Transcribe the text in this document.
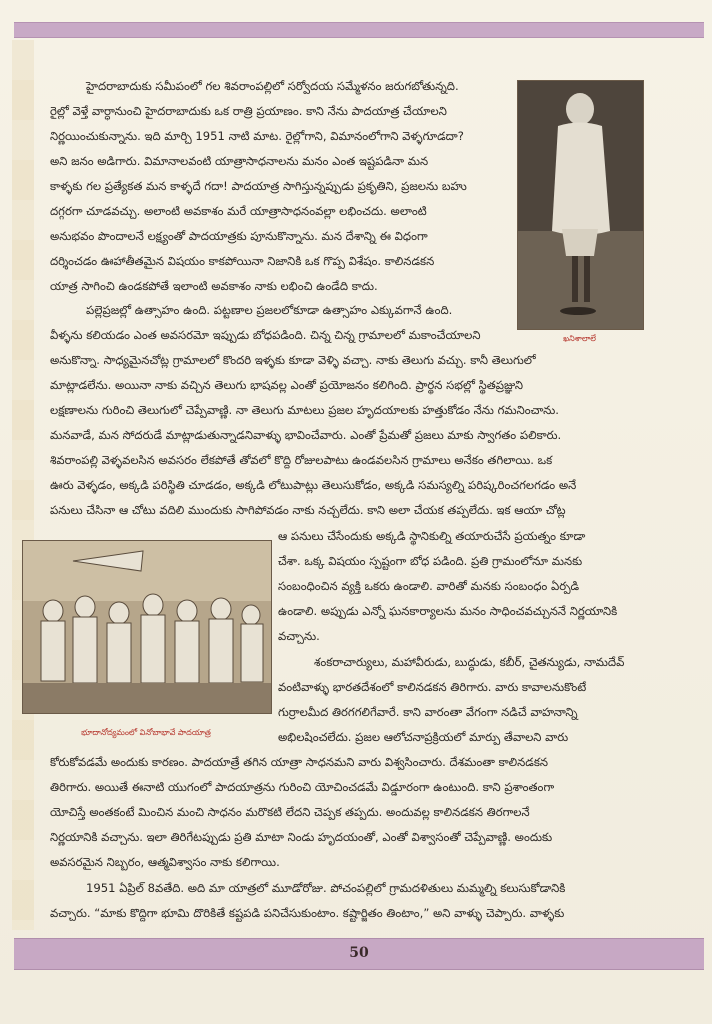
హైదరాబాదుకు సమీపంలో గల శివరాంపల్లిలో సర్వోదయ సమ్మేళనం జరుగబోతున్నది.
రైల్లో వెళ్తే వార్ధానుంచి హైదరాబాదుకు ఒక రాత్రి ప్రయాణం. కాని నేను పాదయాత్ర చేయాలని
నిర్ణయించుకున్నాను. ఇది మార్చి 1951 నాటి మాట. రైల్లోగాని, విమానంలోగాని వెళ్ళగూడదా?
అని జనం అడిగారు. విమానాలవంటి యాత్రాసాధనాలను మనం ఎంత ఇష్టపడినా మన
కాళ్ళకు గల ప్రత్యేకత మన కాళ్ళదే గదా! పాదయాత్ర సాగిస్తున్నప్పుడు ప్రకృతిని, ప్రజలను బహు
దగ్గరగా చూడవచ్చు. అలాంటి అవకాశం మరే యాత్రాసాధనంవల్లా లభించదు. అలాంటి
అనుభవం పొందాలనే లక్ష్యంతో పాదయాత్రకు పూనుకొన్నాను. మన దేశాన్ని ఈ విధంగా
దర్శించడం ఊహాతీతమైన విషయం కాకపోయినా నిజానికి ఒక గొప్ప విశేషం. కాలినడకన
యాత్ర సాగించి ఉండకపోతే ఇలాంటి అవకాశం నాకు లభించి ఉండేది కాదు.
ఖనిశాలాలే
పల్లెప్రజల్లో ఉత్సాహం ఉంది. పట్టణాల ప్రజలలోకూడా ఉత్సాహం ఎక్కువగానే ఉంది.
వీళ్ళను కలియడం ఎంత అవసరమో ఇప్పుడు బోధపడింది. చిన్న చిన్న గ్రామాలలో మకాంచేయాలని
అనుకొన్నా. సాధ్యమైనచోట్ల గ్రామాలలో కొందరి ఇళ్ళకు కూడా వెళ్ళి వచ్చా. నాకు తెలుగు వచ్చు. కానీ తెలుగులో
మాట్లాడలేను. అయినా నాకు వచ్చిన తెలుగు భాషవల్ల ఎంతో ప్రయోజనం కలిగింది. ప్రార్థన సభల్లో స్థితప్రజ్ఞుని
లక్షణాలను గురించి తెలుగులో చెప్పేవాణ్ణి. నా తెలుగు మాటలు ప్రజల హృదయాలకు హత్తుకోడం నేను గమనించాను.
మనవాడే, మన సోదరుడే మాట్లాడుతున్నాడనివాళ్ళు భావించేవారు. ఎంతో ప్రేమతో ప్రజలు మాకు స్వాగతం పలికారు.
శివరాంపల్లి వెళ్ళవలసిన అవసరం లేకపోతే తోవలో కొద్ది రోజులపాటు ఉండవలసిన గ్రామాలు అనేకం తగిలాయి. ఒక
ఊరు వెళ్ళడం, అక్కడి పరిస్థితి చూడడం, అక్కడి లోటుపాట్లు తెలుసుకోడం, అక్కడి సమస్యల్ని పరిష్కరించగలగడం అనే
పనులు చేసినా ఆ చోటు వదిలి ముందుకు సాగిపోవడం నాకు నచ్చలేదు. కాని అలా చేయక తప్పలేదు. ఇక ఆయా చోట్ల
భూదానోద్యమంలో వినోబాభావే పాదయాత్ర
ఆ పనులు చేసేందుకు అక్కడి స్థానికుల్ని తయారుచేసే ప్రయత్నం కూడా
చేశా. ఒక్క విషయం స్పష్టంగా బోధ పడింది. ప్రతి గ్రామంలోనూ మనకు
సంబంధించిన వ్యక్తి ఒకరు ఉండాలి. వారితో మనకు సంబంధం ఏర్పడి
ఉండాలి. అప్పుడు ఎన్నో ఘనకార్యాలను మనం సాధించవచ్చుననే నిర్ణయానికి
వచ్చాను.
శంకరాచార్యులు, మహావీరుడు, బుద్ధుడు, కబీర్, చైతన్యుడు, నామదేవ్
వంటివాళ్ళు భారతదేశంలో కాలినడకన తిరిగారు. వారు కావాలనుకొంటే
గుర్రాలమీద తిరగగలిగేవారే. కాని వారంతా వేగంగా నడిచే వాహనాన్ని
అభిలషించలేదు. ప్రజల ఆలోచనాప్రక్రియలో మార్పు తేవాలని వారు
కోరుకోవడమే అందుకు కారణం. పాదయాత్రే తగిన యాత్రా సాధనమని వారు విశ్వసించారు. దేశమంతా కాలినడకన
తిరిగారు. అయితే ఈనాటి యుగంలో పాదయాత్రను గురించి యోచించడమే విడ్డూరంగా ఉంటుంది. కాని ప్రశాంతంగా
యోచిస్తే అంతకంటే మించిన మంచి సాధనం మరొకటి లేదని చెప్పక తప్పదు. అందువల్ల కాలినడకన తిరగాలనే
నిర్ణయానికి వచ్చాను. ఇలా తిరిగేటప్పుడు ప్రతి మాటా నిండు హృదయంతో, ఎంతో విశ్వాసంతో చెప్పేవాణ్ణి. అందుకు
అవసరమైన నిబ్బరం, ఆత్మవిశ్వాసం నాకు కలిగాయి.
1951 ఏప్రిల్ 8వతేది. అది మా యాత్రలో మూడోరోజు. పోచంపల్లిలో గ్రామదళితులు మమ్మల్ని కలుసుకోడానికి
వచ్చారు. “మాకు కొద్దిగా భూమి దొరికితే కష్టపడి పనిచేసుకుంటాం. కష్టార్జితం తింటాం,” అని వాళ్ళు చెప్పారు. వాళ్ళకు
50
